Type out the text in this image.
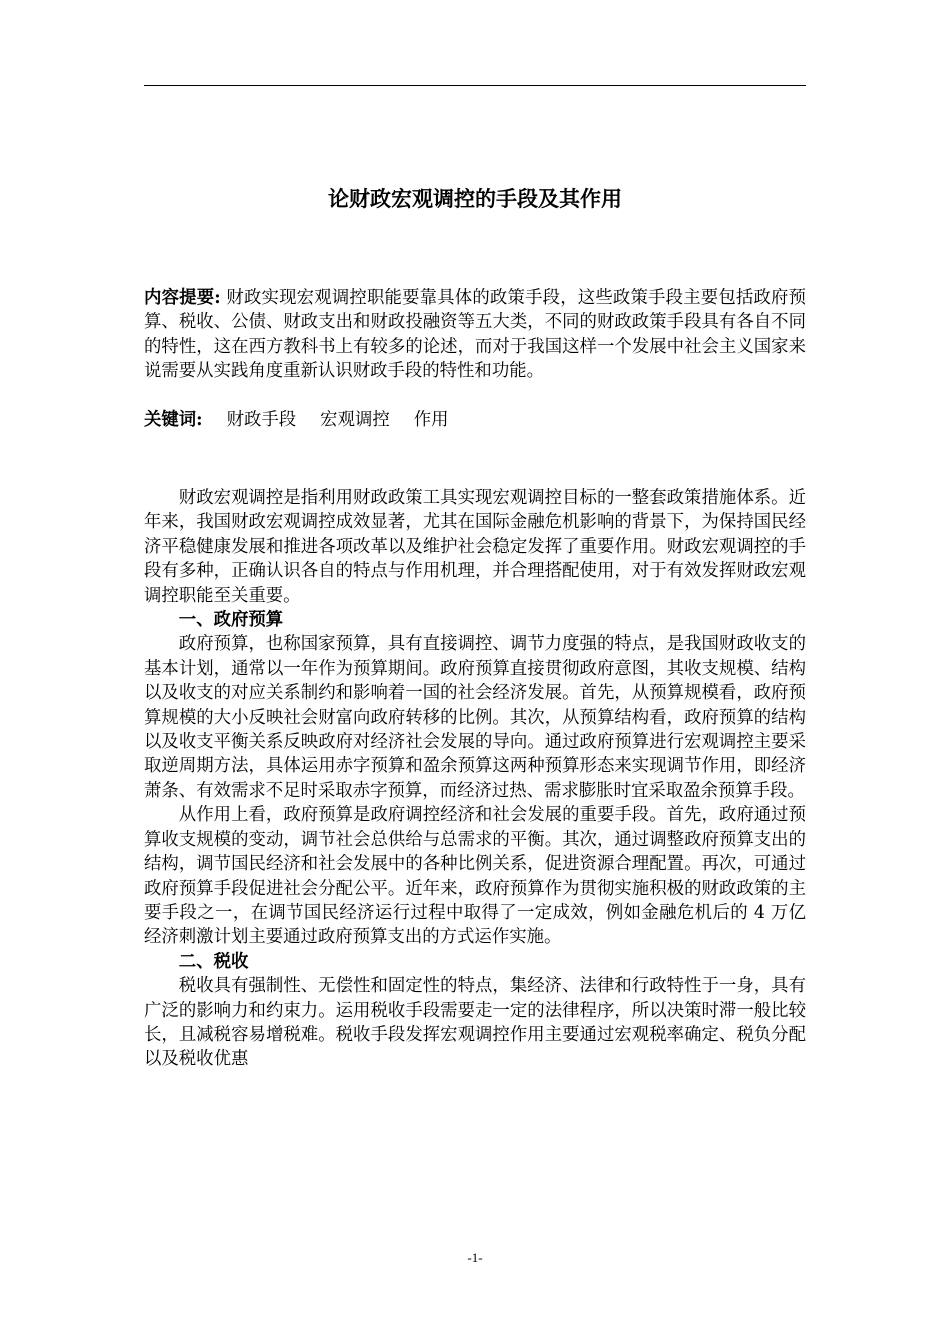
论财政宏观调控的手段及其作用
内容提要: 财政实现宏观调控职能要靠具体的政策手段，这些政策手段主要包括政府预算、税收、公债、财政支出和财政投融资等五大类，不同的财政政策手段具有各自不同的特性，这在西方教科书上有较多的论述，而对于我国这样一个发展中社会主义国家来说需要从实践角度重新认识财政手段的特性和功能。
关键词: 财政手段 宏观调控 作用

财政宏观调控是指利用财政政策工具实现宏观调控目标的一整套政策措施体系。近年来，我国财政宏观调控成效显著，尤其在国际金融危机影响的背景下，为保持国民经济平稳健康发展和推进各项改革以及维护社会稳定发挥了重要作用。财政宏观调控的手段有多种，正确认识各自的特点与作用机理，并合理搭配使用，对于有效发挥财政宏观调控职能至关重要。

一、政府预算

政府预算，也称国家预算，具有直接调控、调节力度强的特点，是我国财政收支的基本计划，通常以一年作为预算期间。政府预算直接贯彻政府意图，其收支规模、结构以及收支的对应关系制约和影响着一国的社会经济发展。首先，从预算规模看，政府预算规模的大小反映社会财富向政府转移的比例。其次，从预算结构看，政府预算的结构以及收支平衡关系反映政府对经济社会发展的导向。通过政府预算进行宏观调控主要采取逆周期方法，具体运用赤字预算和盈余预算这两种预算形态来实现调节作用，即经济萧条、有效需求不足时采取赤字预算，而经济过热、需求膨胀时宜采取盈余预算手段。

从作用上看，政府预算是政府调控经济和社会发展的重要手段。首先，政府通过预算收支规模的变动，调节社会总供给与总需求的平衡。其次，通过调整政府预算支出的结构，调节国民经济和社会发展中的各种比例关系，促进资源合理配置。再次，可通过政府预算手段促进社会分配公平。近年来，政府预算作为贯彻实施积极的财政政策的主要手段之一，在调节国民经济运行过程中取得了一定成效，例如金融危机后的 4 万亿经济刺激计划主要通过政府预算支出的方式运作实施。

二、税收

税收具有强制性、无偿性和固定性的特点，集经济、法律和行政特性于一身，具有广泛的影响力和约束力。运用税收手段需要走一定的法律程序，所以决策时滞一般比较长，且减税容易增税难。税收手段发挥宏观调控作用主要通过宏观税率确定、税负分配以及税收优惠

-1-
